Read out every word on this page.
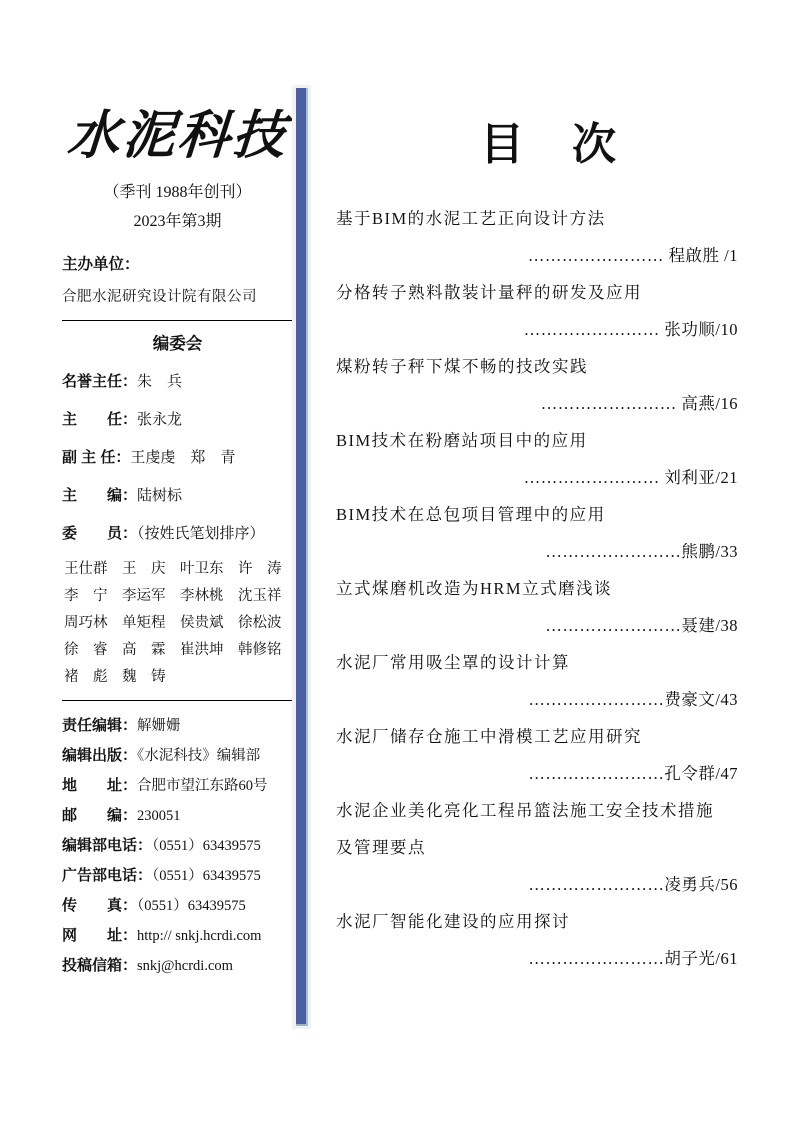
水泥科技
（季刊 1988年创刊）
2023年第3期
主办单位：
合肥水泥研究设计院有限公司
编委会
名誉主任：朱　兵
主　　任：张永龙
副 主 任：王虔虔　郑　青
主　　编：陆树标
委　　员：（按姓氏笔划排序）
王仕群	王　庆	叶卫东	许　涛
李　宁	李运军	李林桃	沈玉祥
周巧林	单矩程	侯贵斌	徐松波
徐　睿	高　霖	崔洪坤	韩修铭
褚　彪	魏　铸
责任编辑：解姗姗
编辑出版：《水泥科技》编辑部
地　　址：合肥市望江东路60号
邮　　编：230051
编辑部电话：（0551）63439575
广告部电话：（0551）63439575
传　　真：（0551）63439575
网　　址：http:// snkj.hcrdi.com
投稿信箱：snkj@hcrdi.com
目　次
基于BIM的水泥工艺正向设计方法
…………………… 程啟胜 /1
分格转子熟料散装计量秤的研发及应用
…………………… 张功顺/10
煤粉转子秤下煤不畅的技改实践
…………………… 高燕/16
BIM技术在粉磨站项目中的应用
…………………… 刘利亚/21
BIM技术在总包项目管理中的应用
……………………熊鹏/33
立式煤磨机改造为HRM立式磨浅谈
……………………聂建/38
水泥厂常用吸尘罩的设计计算
……………………费豪文/43
水泥厂储存仓施工中滑模工艺应用研究
……………………孔令群/47
水泥企业美化亮化工程吊篮法施工安全技术措施
及管理要点
……………………凌勇兵/56
水泥厂智能化建设的应用探讨
……………………胡子光/61
